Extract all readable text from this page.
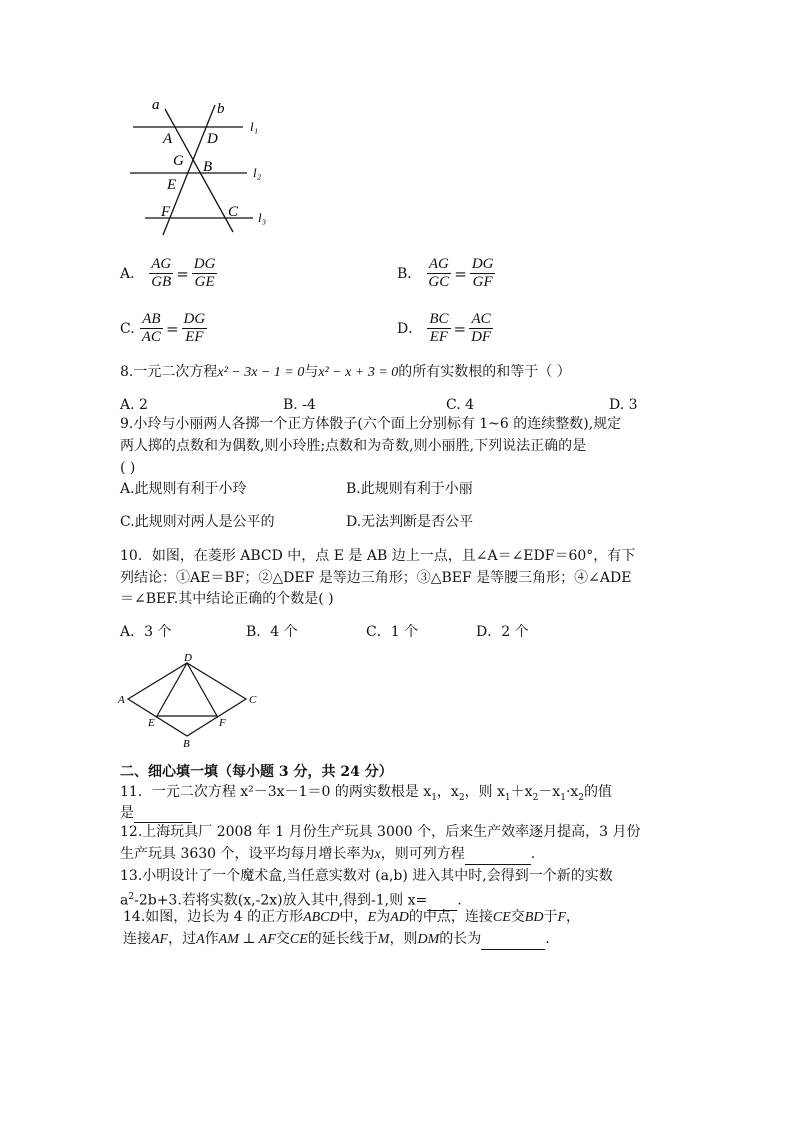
a	b
A D
G B
E
F	C
l₁
l₂
l₃
A． $\frac{AG}{GB} = \frac{DG}{GE}$	B． $\frac{AG}{GC} = \frac{DG}{GF}$
C. $\frac{AB}{AC} = \frac{DG}{EF}$	D． $\frac{BC}{EF} = \frac{AC}{DF}$
8.一元二次方程x² − 3x − 1 = 0与x² − x + 3 = 0的所有实数根的和等于（ ）
A. 2	B. -4	C. 4	D. 3
9.小玲与小丽两人各掷一个正方体骰子(六个面上分别标有 1~6 的连续整数),规定
两人掷的点数和为偶数,则小玲胜;点数和为奇数,则小丽胜,下列说法正确的是
( )
A.此规则有利于小玲	B.此规则有利于小丽
C.此规则对两人是公平的	D.无法判断是否公平
10．如图，在菱形 ABCD 中，点 E 是 AB 边上一点，且∠A＝∠EDF＝60°，有下
列结论：①AE＝BF；②△DEF 是等边三角形；③△BEF 是等腰三角形；④∠ADE
＝∠BEF.其中结论正确的个数是( )
A．3 个	B．4 个	C．1 个	D．2 个
D
A	C
E	F
B
二、细心填一填（每小题 3 分，共 24 分）
11．一元二次方程 x²－3x－1＝0 的两实数根是 $x_1$，$x_2$，则 $x_1+x_2-x_1\cdot x_2$的值
是
12.上海玩具厂 2008 年 1 月份生产玩具 3000 个，后来生产效率逐月提高，3 月份
生产玩具 3630 个，设平均每月增长率为x，则可列方程	.
13.小明设计了一个魔术盒,当任意实数对 (a,b) 进入其中时,会得到一个新的实数
$a^2-2b+3$.若将实数(x,-2x)放入其中,得到-1,则 x= .
14.如图，边长为 4 的正方形ABCD中，E为AD的中点，连接CE交BD于F，
连接AF，过A作AM ⊥ AF交CE的延长线于M，则DM的长为	.
